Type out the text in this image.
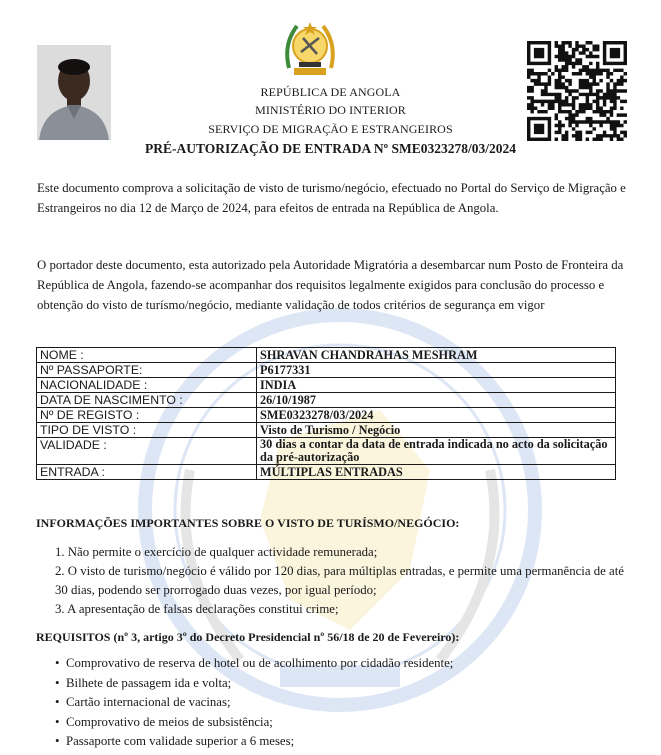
REPÚBLICA DE ANGOLA
MINISTÉRIO DO INTERIOR
SERVIÇO DE MIGRAÇÃO E ESTRANGEIROS
PRÉ-AUTORIZAÇÃO DE ENTRADA Nº SME0323278/03/2024

Este documento comprova a solicitação de visto de turismo/negócio, efectuado no Portal do Serviço de Migração e Estrangeiros no dia 12 de Março de 2024, para efeitos de entrada na República de Angola.

O portador deste documento, esta autorizado pela Autoridade Migratória a desembarcar num Posto de Fronteira da República de Angola, fazendo-se acompanhar dos requisitos legalmente exigidos para conclusão do processo e obtenção do visto de turísmo/negócio, mediante validação de todos critérios de segurança em vigor

NOME :	SHRAVAN CHANDRAHAS MESHRAM
Nº PASSAPORTE:	P6177331
NACIONALIDADE :	INDIA
DATA DE NASCIMENTO :	26/10/1987
Nº DE REGISTO :	SME0323278/03/2024
TIPO DE VISTO :	Visto de Turismo / Negócio
VALIDADE :	30 dias a contar da data de entrada indicada no acto da solicitação da pré-autorização
ENTRADA :	MÚLTIPLAS ENTRADAS
INFORMAÇÕES IMPORTANTES SOBRE O VISTO DE TURÍSMO/NEGÓCIO:
1. Não permite o exercício de qualquer actividade remunerada;
2. O visto de turismo/negócio é válido por 120 dias, para múltiplas entradas, e permite uma permanência de até 30 dias, podendo ser prorrogado duas vezes, por igual período;
3. A apresentação de falsas declarações constitui crime;
REQUISITOS (nº 3, artigo 3º do Decreto Presidencial nº 56/18 de 20 de Fevereiro):
• Comprovativo de reserva de hotel ou de acolhimento por cidadão residente;
• Bilhete de passagem ida e volta;
• Cartão internacional de vacinas;
• Comprovativo de meios de subsistência;
• Passaporte com validade superior a 6 meses;
